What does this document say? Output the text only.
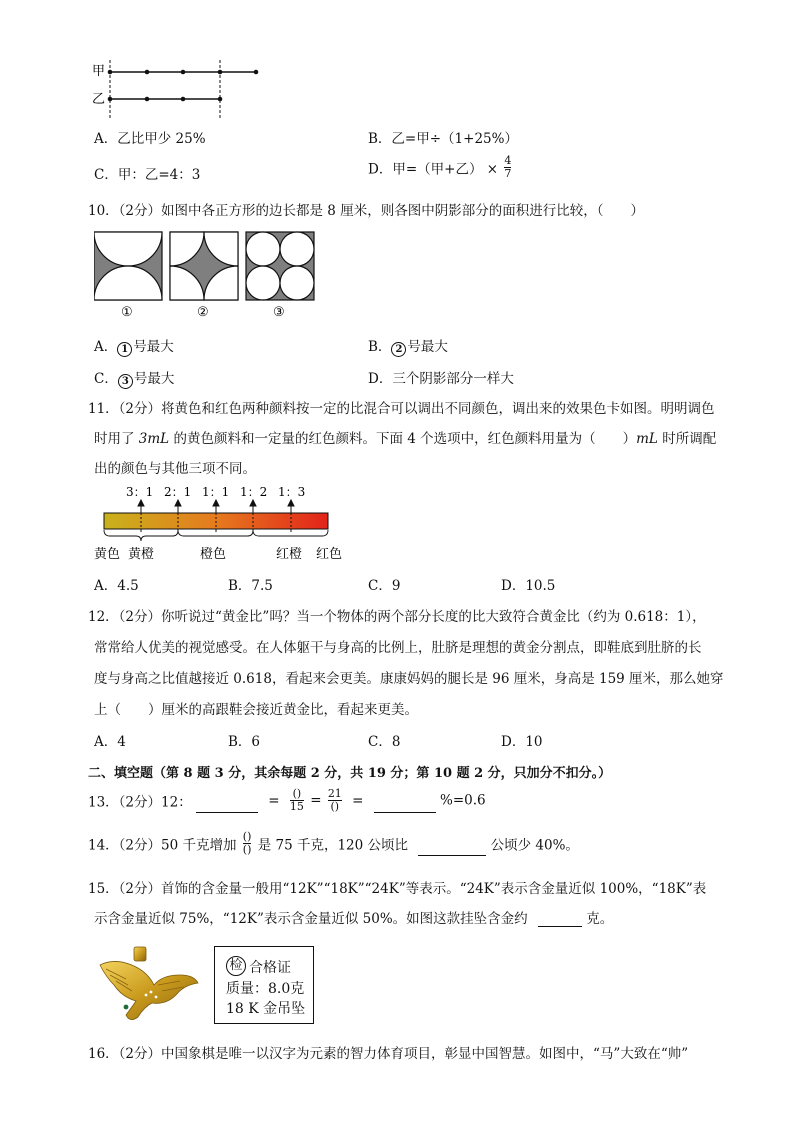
甲
乙
A．乙比甲少 25%	B．乙=甲÷（1+25%）
C．甲：乙=4：3	D．甲=（甲+乙） × $\frac{4}{7}$
10．（2分）如图中各正方形的边长都是 8 厘米，则各图中阴影部分的面积进行比较，（　　）
①	②	③
A． 1 号最大	B． 2 号最大
C． 3 号最大	D．三个阴影部分一样大
11．（2分）将黄色和红色两种颜料按一定的比混合可以调出不同颜色，调出来的效果色卡如图。明明调色
时用了 3mL 的黄色颜料和一定量的红色颜料。下面 4 个选项中，红色颜料用量为（　　）mL 时所调配
出的颜色与其他三项不同。
3：1 2：1 1：1 1：2 1：3
黄色 黄橙	橙色	红橙 红色
A．4.5	B．7.5	C．9	D．10.5
12．（2分）你听说过“黄金比”吗？当一个物体的两个部分长度的比大致符合黄金比（约为 0.618：1），
常常给人优美的视觉感受。在人体躯干与身高的比例上，肚脐是理想的黄金分割点，即鞋底到肚脐的长
度与身高之比值越接近 0.618，看起来会更美。康康妈妈的腿长是 96 厘米，身高是 159 厘米，那么她穿
上（　　）厘米的高跟鞋会接近黄金比，看起来更美。
A．4	B．6	C．8	D．10
二、填空题（第 8 题 3 分，其余每题 2 分，共 19 分；第 10 题 2 分，只加分不扣分。）
13．（2分）12：	= $\frac{()}{15} = \frac{21}{()}$ =	%=0.6
14．（2分）50 千克增加 $\frac{()}{()}$ 是 75 千克，120 公顷比	公顷少 40%。
15．（2分）首饰的含金量一般用“12K”“18K”“24K”等表示。“24K”表示含金量近似 100%，“18K”表
示含金量近似 75%，“12K”表示含金量近似 50%。如图这款挂坠含金约	克。
检 合格证
质量：8.0克
18 K 金吊坠
16．（2分）中国象棋是唯一以汉字为元素的智力体育项目，彰显中国智慧。如图中，“马”大致在“帅”
